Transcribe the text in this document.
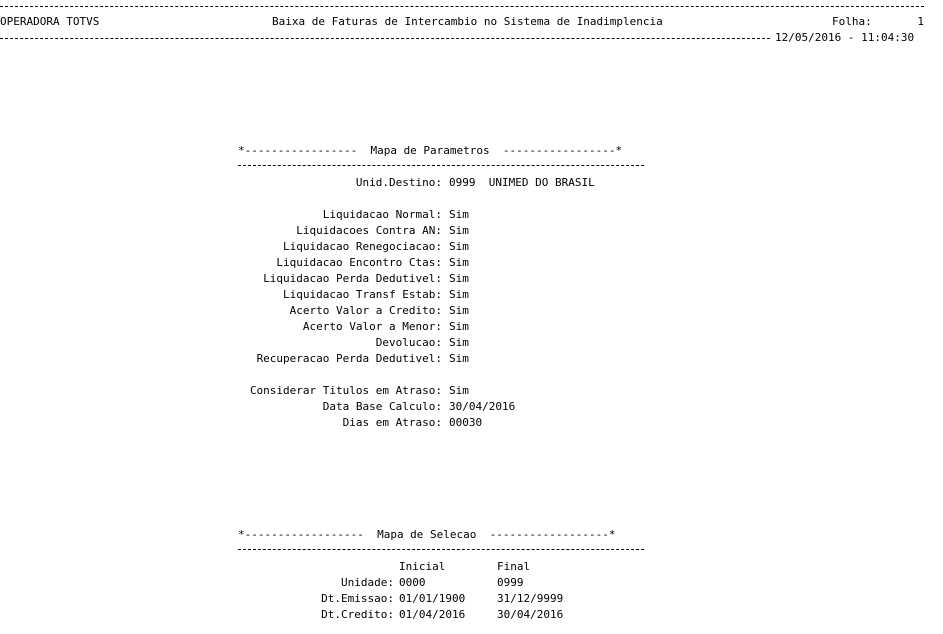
OPERADORA TOTVS	Baixa de Faturas de Intercambio no Sistema de Inadimplencia	Folha:	1
12/05/2016 - 11:04:30
*-----------------  Mapa de Parametros  -----------------*
Unid.Destino: 0999  UNIMED DO BRASIL
Liquidacao Normal: Sim
Liquidacoes Contra AN: Sim
Liquidacao Renegociacao: Sim
Liquidacao Encontro Ctas: Sim
Liquidacao Perda Dedutivel: Sim
Liquidacao Transf Estab: Sim
Acerto Valor a Credito: Sim
Acerto Valor a Menor: Sim
Devolucao: Sim
Recuperacao Perda Dedutivel: Sim
Considerar Titulos em Atraso: Sim
Data Base Calculo: 30/04/2016
Dias em Atraso: 00030
*------------------  Mapa de Selecao  ------------------*
Inicial	Final
Unidade: 0000	0999
Dt.Emissao: 01/01/1900	31/12/9999
Dt.Credito: 01/04/2016	30/04/2016
